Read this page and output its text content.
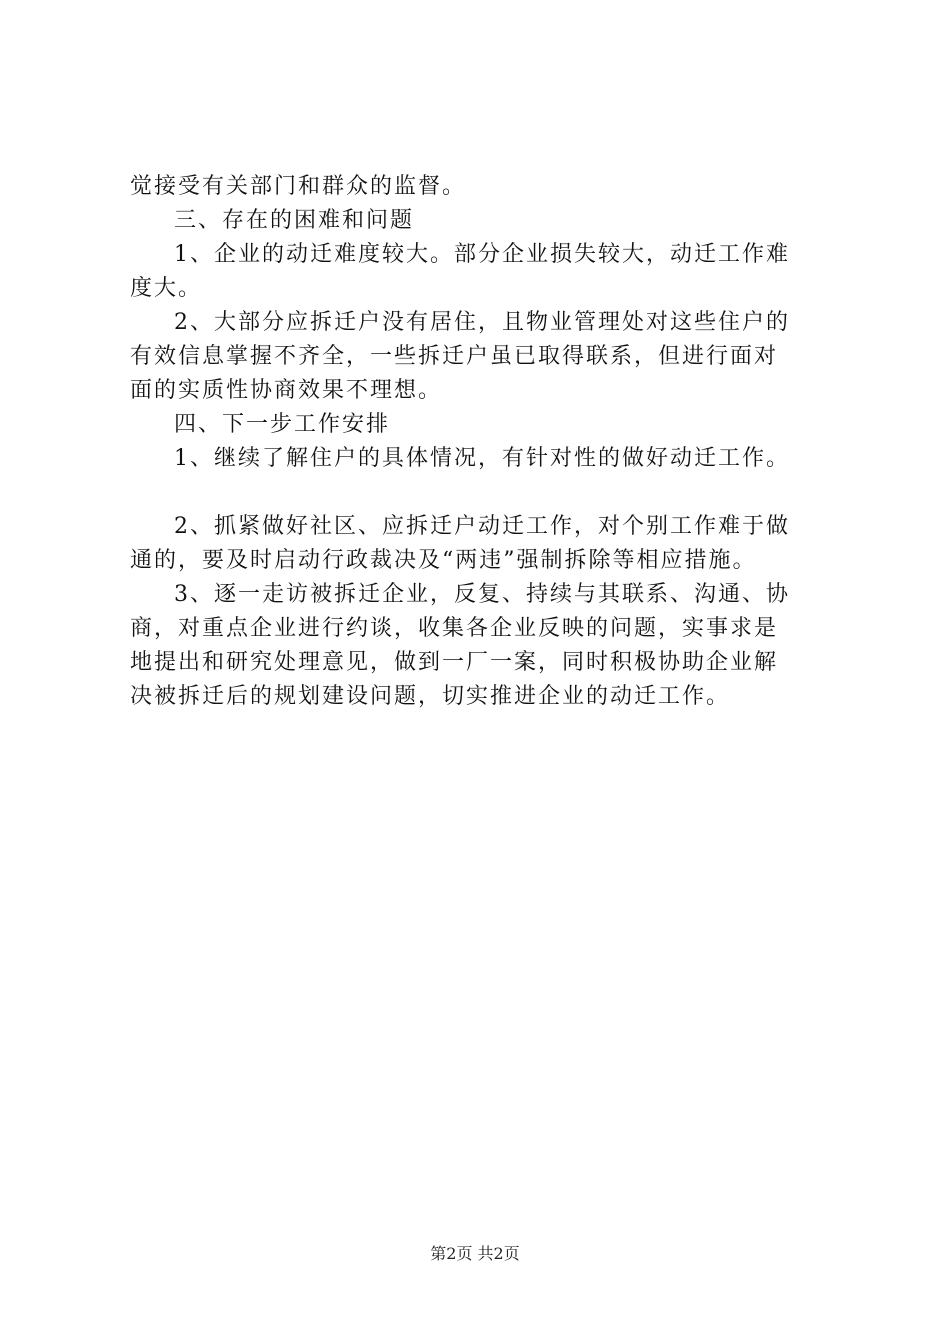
觉接受有关部门和群众的监督。
三、存在的困难和问题
1、企业的动迁难度较大。部分企业损失较大，动迁工作难
度大。
2、大部分应拆迁户没有居住，且物业管理处对这些住户的
有效信息掌握不齐全，一些拆迁户虽已取得联系，但进行面对
面的实质性协商效果不理想。
四、下一步工作安排
1、继续了解住户的具体情况，有针对性的做好动迁工作。
2、抓紧做好社区、应拆迁户动迁工作，对个别工作难于做
通的，要及时启动行政裁决及“两违”强制拆除等相应措施。
3、逐一走访被拆迁企业，反复、持续与其联系、沟通、协
商，对重点企业进行约谈，收集各企业反映的问题，实事求是
地提出和研究处理意见，做到一厂一案，同时积极协助企业解
决被拆迁后的规划建设问题，切实推进企业的动迁工作。
第2页 共2页
